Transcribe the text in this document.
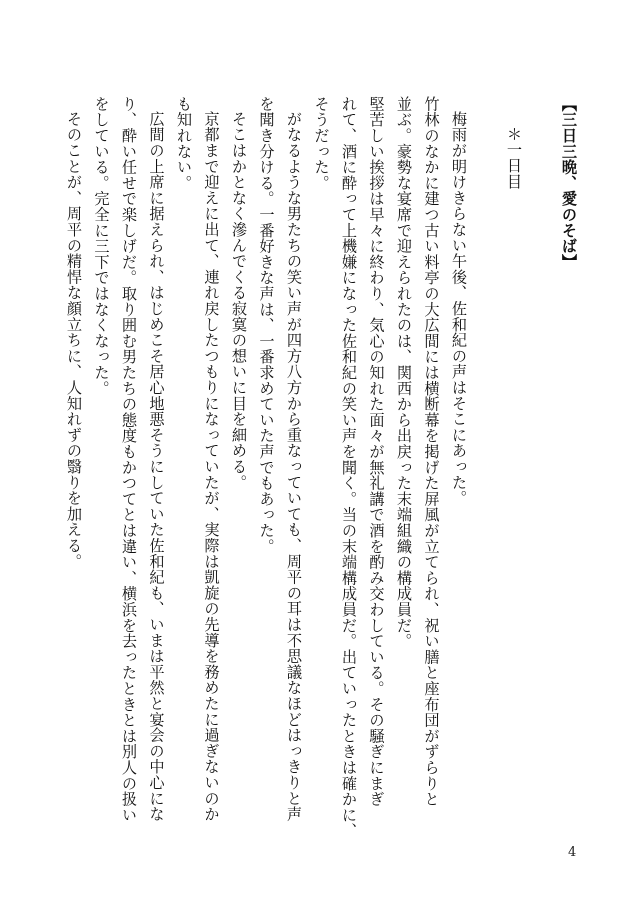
【三日三晩、愛のそば】
＊一日目
梅雨が明けきらない午後、佐和紀の声はそこにあった。
竹林のなかに建つ古い料亭の大広間には横断幕を掲げた屏風が立てられ、祝い膳と座布団がずらりと
並ぶ。豪勢な宴席で迎えられたのは、関西から出戻った末端組織の構成員だ。
堅苦しい挨拶は早々に終わり、気心の知れた面々が無礼講で酒を酌み交わしている。その騒ぎにまぎ
れて、酒に酔って上機嫌になった佐和紀の笑い声を聞く。当の末端構成員だ。出ていったときは確かに、
そうだった。
がなるような男たちの笑い声が四方八方から重なっていても、周平の耳は不思議なほどはっきりと声
を聞き分ける。一番好きな声は、一番求めていた声でもあった。
そこはかとなく滲んでくる寂寞の想いに目を細める。
京都まで迎えに出て、連れ戻したつもりになっていたが、実際は凱旋の先導を務めたに過ぎないのか
も知れない。
広間の上席に据えられ、はじめこそ居心地悪そうにしていた佐和紀も、いまは平然と宴会の中心にな
り、酔い任せで楽しげだ。取り囲む男たちの態度もかつてとは違い、横浜を去ったときとは別人の扱い
をしている。完全に三下ではなくなった。
そのことが、周平の精悍な顔立ちに、人知れずの翳りを加える。
4
